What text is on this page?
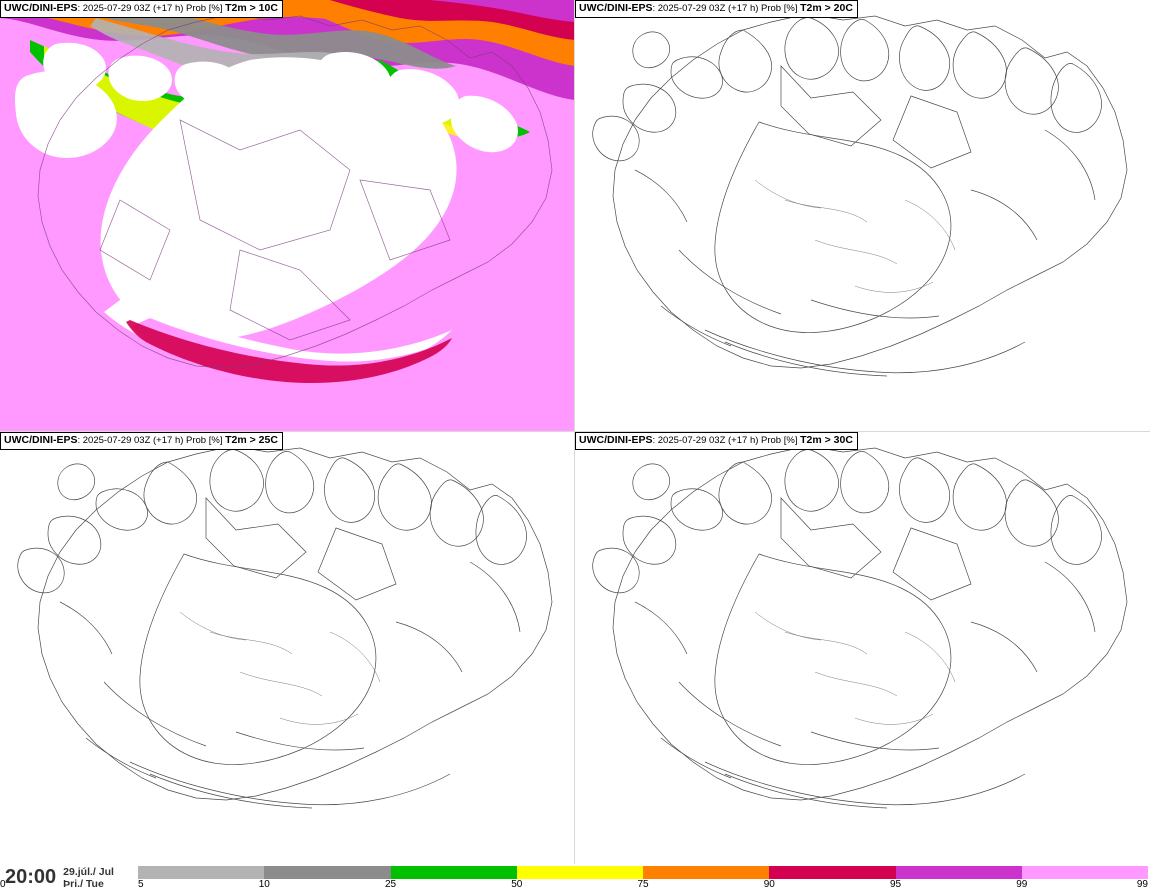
UWC/DINI-EPS: 2025-07-29 03Z (+17 h) Prob [%] T2m > 10C	UWC/DINI-EPS: 2025-07-29 03Z (+17 h) Prob [%] T2m > 20C
UWC/DINI-EPS: 2025-07-29 03Z (+17 h) Prob [%] T2m > 25C	UWC/DINI-EPS: 2025-07-29 03Z (+17 h) Prob [%] T2m > 30C
20:00 29.júl./ Jul
Þri./ Tue
0	5	10	25	50	75	90	95	99	99
